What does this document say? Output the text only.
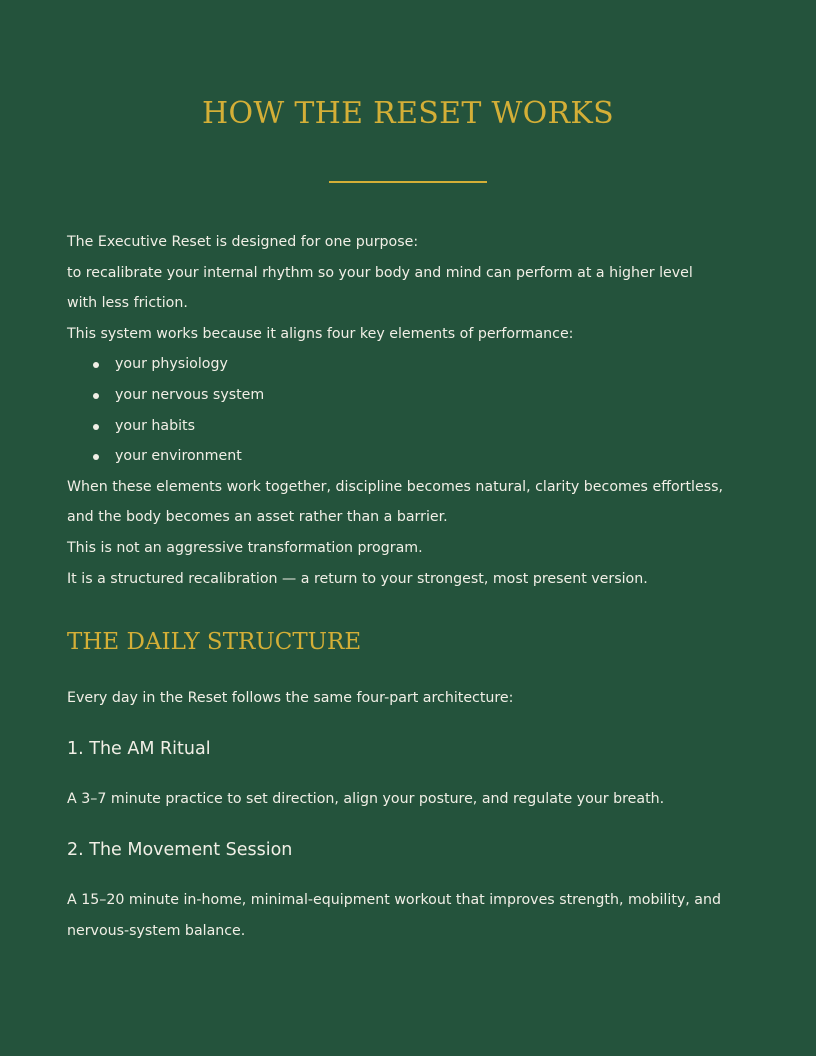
HOW THE RESET WORKS

The Executive Reset is designed for one purpose:

to recalibrate your internal rhythm so your body and mind can perform at a higher level with less friction.

This system works because it aligns four key elements of performance:

your physiology
your nervous system
your habits
your environment

When these elements work together, discipline becomes natural, clarity becomes effortless, and the body becomes an asset rather than a barrier.

This is not an aggressive transformation program.

It is a structured recalibration — a return to your strongest, most present version.

THE DAILY STRUCTURE

Every day in the Reset follows the same four-part architecture:

1. The AM Ritual

A 3–7 minute practice to set direction, align your posture, and regulate your breath.

2. The Movement Session

A 15–20 minute in-home, minimal-equipment workout that improves strength, mobility, and nervous-system balance.
